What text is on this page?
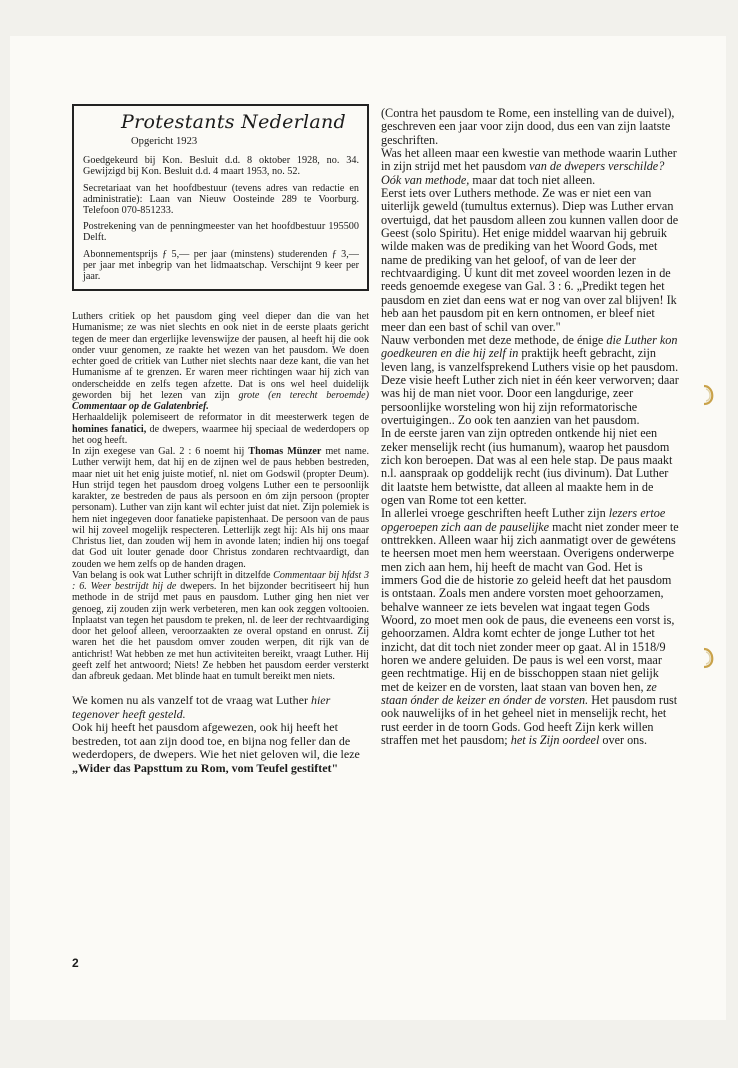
Protestants Nederland
Opgericht 1923

Goedgekeurd bij Kon. Besluit d.d. 8 oktober 1928, no. 34. Gewijzigd bij Kon. Besluit d.d. 4 maart 1953, no. 52.

Secretariaat van het hoofdbestuur (tevens adres van redactie en administratie): Laan van Nieuw Oosteinde 289 te Voorburg. Telefoon 070-851233.

Postrekening van de penningmeester van het hoofdbestuur 195500 Delft.

Abonnementsprijs ƒ 5,— per jaar (minstens) studerenden ƒ 3,— per jaar met inbegrip van het lidmaatschap. Verschijnt 9 keer per jaar.

Luthers critiek op het pausdom ging veel dieper dan die van het Humanisme; ze was niet slechts en ook niet in de eerste plaats gericht tegen de meer dan ergerlijke levenswijze der pausen, al heeft hij die ook onder vuur genomen, ze raakte het wezen van het pausdom. We doen echter goed de critiek van Luther niet slechts naar deze kant, die van het Humanisme af te grenzen. Er waren meer richtingen waar hij zich van onderscheidde en zelfs tegen afzette. Dat is ons wel heel duidelijk geworden bij het lezen van zijn grote (en terecht beroemde) Commentaar op de Galatenbrief.

Herhaaldelijk polemiseert de reformator in dit meesterwerk tegen de homines fanatici, de dwepers, waarmee hij speciaal de wederdopers op het oog heeft.

In zijn exegese van Gal. 2 : 6 noemt hij Thomas Münzer met name. Luther verwijt hem, dat hij en de zijnen wel de paus hebben bestreden, maar niet uit het enig juiste motief, nl. niet om Godswil (propter Deum). Hun strijd tegen het pausdom droeg volgens Luther een te persoonlijk karakter, ze bestreden de paus als persoon en óm zijn persoon (propter personam). Luther van zijn kant wil echter juist dat niet. Zijn polemiek is hem niet ingegeven door fanatieke papistenhaat. De persoon van de paus wil hij zoveel mogelijk respecteren. Letterlijk zegt hij: Als hij ons maar Christus liet, dan zouden wij hem in avonde laten; indien hij ons toegaf dat God uit louter genade door Christus zondaren rechtvaardigt, dan zouden we hem zelfs op de handen dragen.

Van belang is ook wat Luther schrijft in ditzelfde Commentaar bij hfdst 3 : 6. Weer bestrijdt hij de dwepers. In het bijzonder becritiseert hij hun methode in de strijd met paus en pausdom. Luther ging hen niet ver genoeg, zij zouden zijn werk verbeteren, men kan ook zeggen voltooien. Inplaatst van tegen het pausdom te preken, nl. de leer der rechtvaardiging door het geloof alleen, veroorzaakten ze overal opstand en onrust. Zij waren het die het pausdom omver zouden werpen, dit rijk van de antichrist! Wat hebben ze met hun activiteiten bereikt, vraagt Luther. Hij geeft zelf het antwoord; Niets! Ze hebben het pausdom eerder versterkt dan afbreuk gedaan. Met blinde haat en tumult bereikt men niets.

We komen nu als vanzelf tot de vraag wat Luther hier tegenover heeft gesteld.

Ook hij heeft het pausdom afgewezen, ook hij heeft het bestreden, tot aan zijn dood toe, en bijna nog feller dan de wederdopers, de dwepers. Wie het niet geloven wil, die leze „Wider das Papsttum zu Rom, vom Teufel gestiftet"

(Contra het pausdom te Rome, een instelling van de duivel), geschreven een jaar voor zijn dood, dus een van zijn laatste geschriften.

Was het alleen maar een kwestie van methode waarin Luther in zijn strijd met het pausdom van de dwepers verschilde? Oók van methode, maar dat toch niet alleen.

Eerst iets over Luthers methode. Ze was er niet een van uiterlijk geweld (tumultus externus). Diep was Luther ervan overtuigd, dat het pausdom alleen zou kunnen vallen door de Geest (solo Spiritu). Het enige middel waarvan hij gebruik wilde maken was de prediking van het Woord Gods, met name de prediking van het geloof, of van de leer der rechtvaardiging. U kunt dit met zoveel woorden lezen in de reeds genoemde exegese van Gal. 3 : 6. „Predikt tegen het pausdom en ziet dan eens wat er nog van over zal blijven! Ik heb aan het pausdom pit en kern ontnomen, er bleef niet meer dan een bast of schil van over."

Nauw verbonden met deze methode, de énige die Luther kon goedkeuren en die hij zelf in praktijk heeft gebracht, zijn leven lang, is vanzelfsprekend Luthers visie op het pausdom.

Deze visie heeft Luther zich niet in één keer verworven; daar was hij de man niet voor. Door een langdurige, zeer persoonlijke worsteling won hij zijn reformatorische overtuigingen.. Zo ook ten aanzien van het pausdom.

In de eerste jaren van zijn optreden ontkende hij niet een zeker menselijk recht (ius humanum), waarop het pausdom zich kon beroepen. Dat was al een hele stap. De paus maakt n.l. aanspraak op goddelijk recht (ius divinum). Dat Luther dit laatste hem betwistte, dat alleen al maakte hem in de ogen van Rome tot een ketter.

In allerlei vroege geschriften heeft Luther zijn lezers ertoe opgeroepen zich aan de pauselijke macht niet zonder meer te onttrekken. Alleen waar hij zich aanmatigt over de gewétens te heersen moet men hem weerstaan. Overigens onderwerpe men zich aan hem, hij heeft de macht van God. Het is immers God die de historie zo geleid heeft dat het pausdom is ontstaan. Zoals men andere vorsten moet gehoorzamen, behalve wanneer ze iets bevelen wat ingaat tegen Gods Woord, zo moet men ook de paus, die eveneens een vorst is, gehoorzamen. Aldra komt echter de jonge Luther tot het inzicht, dat dit toch niet zonder meer op gaat. Al in 1518/9 horen we andere geluiden. De paus is wel een vorst, maar geen rechtmatige. Hij en de bisschoppen staan niet gelijk met de keizer en de vorsten, laat staan van boven hen, ze staan ónder de keizer en ónder de vorsten. Het pausdom rust ook nauwelijks of in het geheel niet in menselijk recht, het rust eerder in de toorn Gods. God heeft Zijn kerk willen straffen met het pausdom; het is Zijn oordeel over ons.

2
